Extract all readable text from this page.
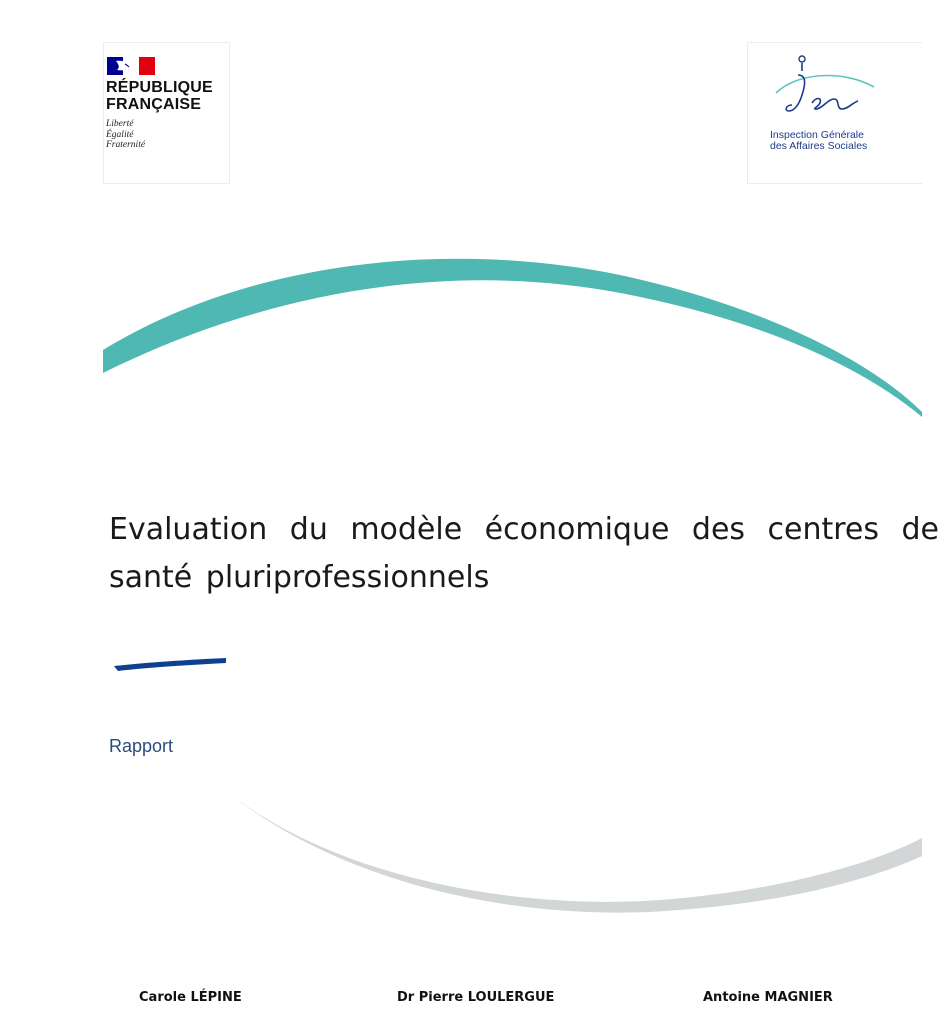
RÉPUBLIQUE
FRANÇAISE
Liberté
Égalité
Fraternité
Inspection Générale
des Affaires Sociales
Evaluation du modèle économique des centres de santé pluriprofessionnels
Rapport
Carole LÉPINE	Dr Pierre LOULERGUE	Antoine MAGNIER
